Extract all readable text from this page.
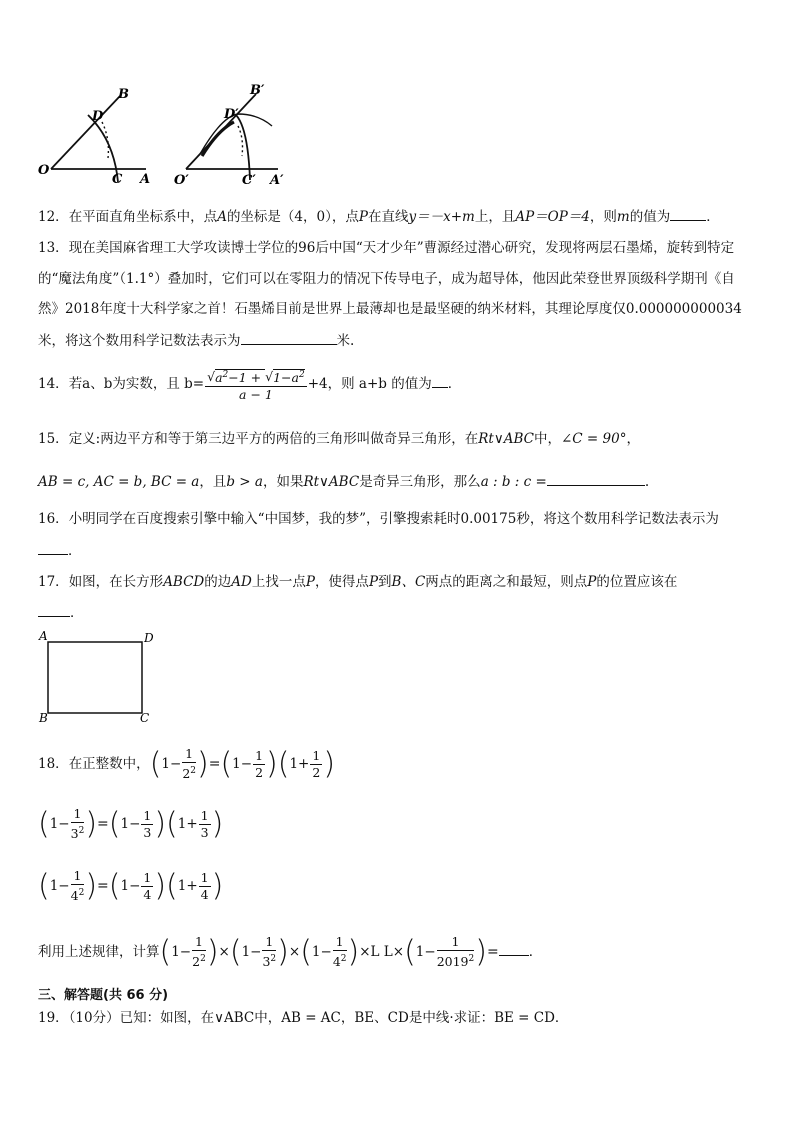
O
A
B
C
D
O′	A′
B′
C′
D′
12．在平面直角坐标系中，点A的坐标是（4，0），点P在直线y＝－x+m上，且AP＝OP＝4，则m的值为	．
13．现在美国麻省理工大学攻读博士学位的96后中国“天才少年”曹源经过潜心研究，发现将两层石墨烯，旋转到特定
的“魔法角度”（1.1°）叠加时，它们可以在零阻力的情况下传导电子，成为超导体，他因此荣登世界顶级科学期刊《自
然》2018年度十大科学家之首！石墨烯目前是世界上最薄却也是最坚硬的纳米材料，其理论厚度仅0.000000000034
米，将这个数用科学记数法表示为	米.
14．若a、b为实数，且 $b= \frac{√a^2-1 + √1-a^2}{a - 1} +4$，则 a+b 的值为 ．
15．定义:两边平方和等于第三边平方的两倍的三角形叫做奇异三角形，在Rt∨ABC中，∠C = 90°，
AB = c, AC = b, BC = a，且b > a，如果Rt∨ABC是奇异三角形，那么a : b : c =	.
16．小明同学在百度搜索引擎中输入“中国梦，我的梦”，引擎搜索耗时0.00175秒，将这个数用科学记数法表示为
．
17．如图，在长方形ABCD的边AD上找一点P，使得点P到B、C两点的距离之和最短，则点P的位置应该在
．
A	D
B	C
18．在正整数中，$(1- \frac{1}{2^2} )=(1- \frac{1}{2} )(1+ \frac{1}{2}$ )
$(1- \frac{1}{3^2} )=(1- \frac{1}{3} )(1+ \frac{1}{3}$ )
$(1- \frac{1}{4^2} )=(1- \frac{1}{4} )(1+ \frac{1}{4}$ )
利用上述规律，计算$(1- \frac{1}{2^2} )\times(1- \frac{1}{3^2} )\times(1- \frac{1}{4^2} )\times L$ $L\times(1- \frac{1}{2019^2}$ )= ．
三、解答题(共 66 分)
19．（10分）已知：如图，在∨ABC中，AB = AC，BE、CD是中线·求证：BE = CD．
